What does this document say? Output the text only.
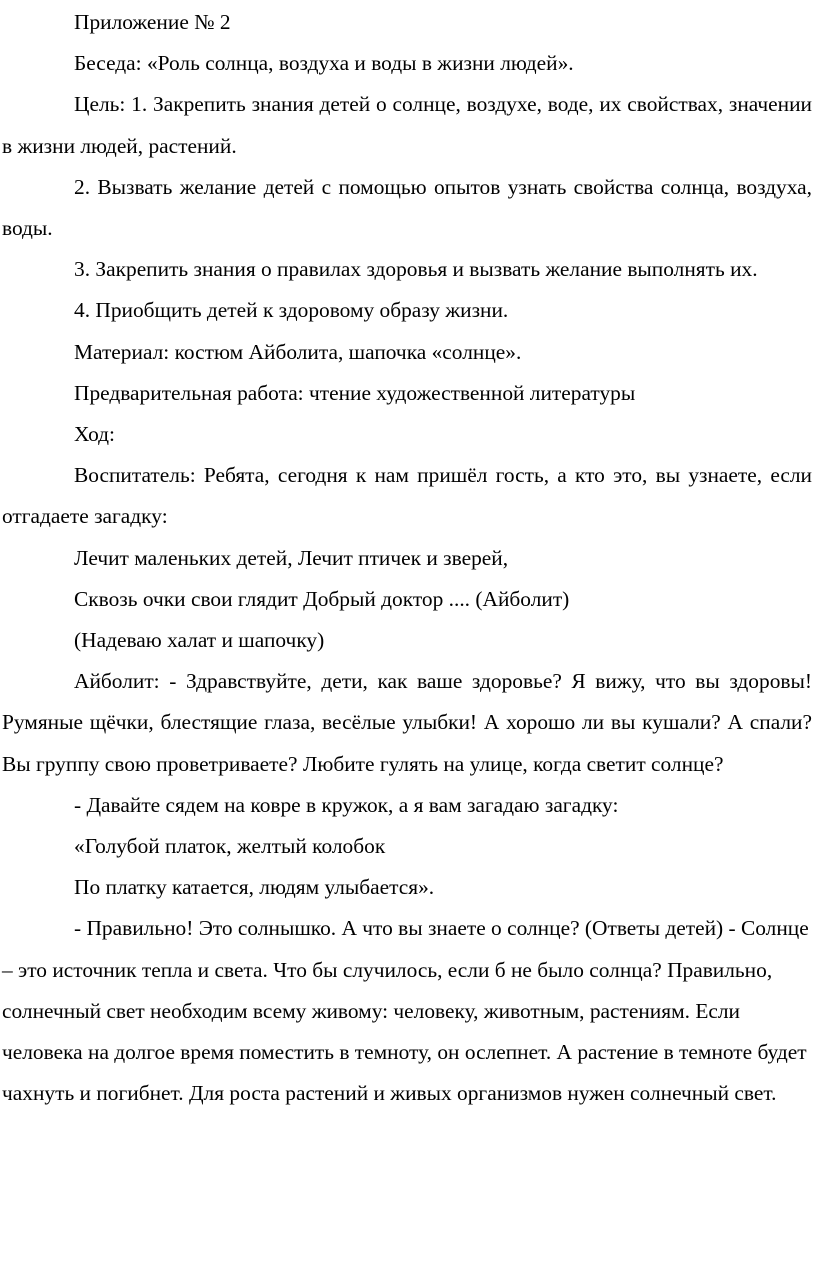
Приложение № 2

Беседа: «Роль солнца, воздуха и воды в жизни людей».

Цель: 1. Закрепить знания детей о солнце, воздухе, воде, их свойствах, значении в жизни людей, растений.

2. Вызвать желание детей с помощью опытов узнать свойства солнца, воздуха, воды.

3. Закрепить знания о правилах здоровья и вызвать желание выполнять их.

4. Приобщить детей к здоровому образу жизни.

Материал: костюм Айболита, шапочка «солнце».

Предварительная работа: чтение художественной литературы

Ход:

Воспитатель: Ребята, сегодня к нам пришёл гость, а кто это, вы узнаете, если отгадаете загадку:

Лечит маленьких детей, Лечит птичек и зверей,

Сквозь очки свои глядит Добрый доктор .... (Айболит)

(Надеваю халат и шапочку)

Айболит: - Здравствуйте, дети, как ваше здоровье? Я вижу, что вы здоровы! Румяные щёчки, блестящие глаза, весёлые улыбки! А хорошо ли вы кушали? А спали? Вы группу свою проветриваете? Любите гулять на улице, когда светит солнце?

- Давайте сядем на ковре в кружок, а я вам загадаю загадку:

«Голубой платок, желтый колобок

По платку катается, людям улыбается».

- Правильно! Это солнышко. А что вы знаете о солнце? (Ответы детей) - Солнце – это источник тепла и света. Что бы случилось, если б не было солнца? Правильно, солнечный свет необходим всему живому: человеку, животным, растениям. Если человека на долгое время поместить в темноту, он ослепнет. А растение в темноте будет чахнуть и погибнет. Для роста растений и живых организмов нужен солнечный свет.
